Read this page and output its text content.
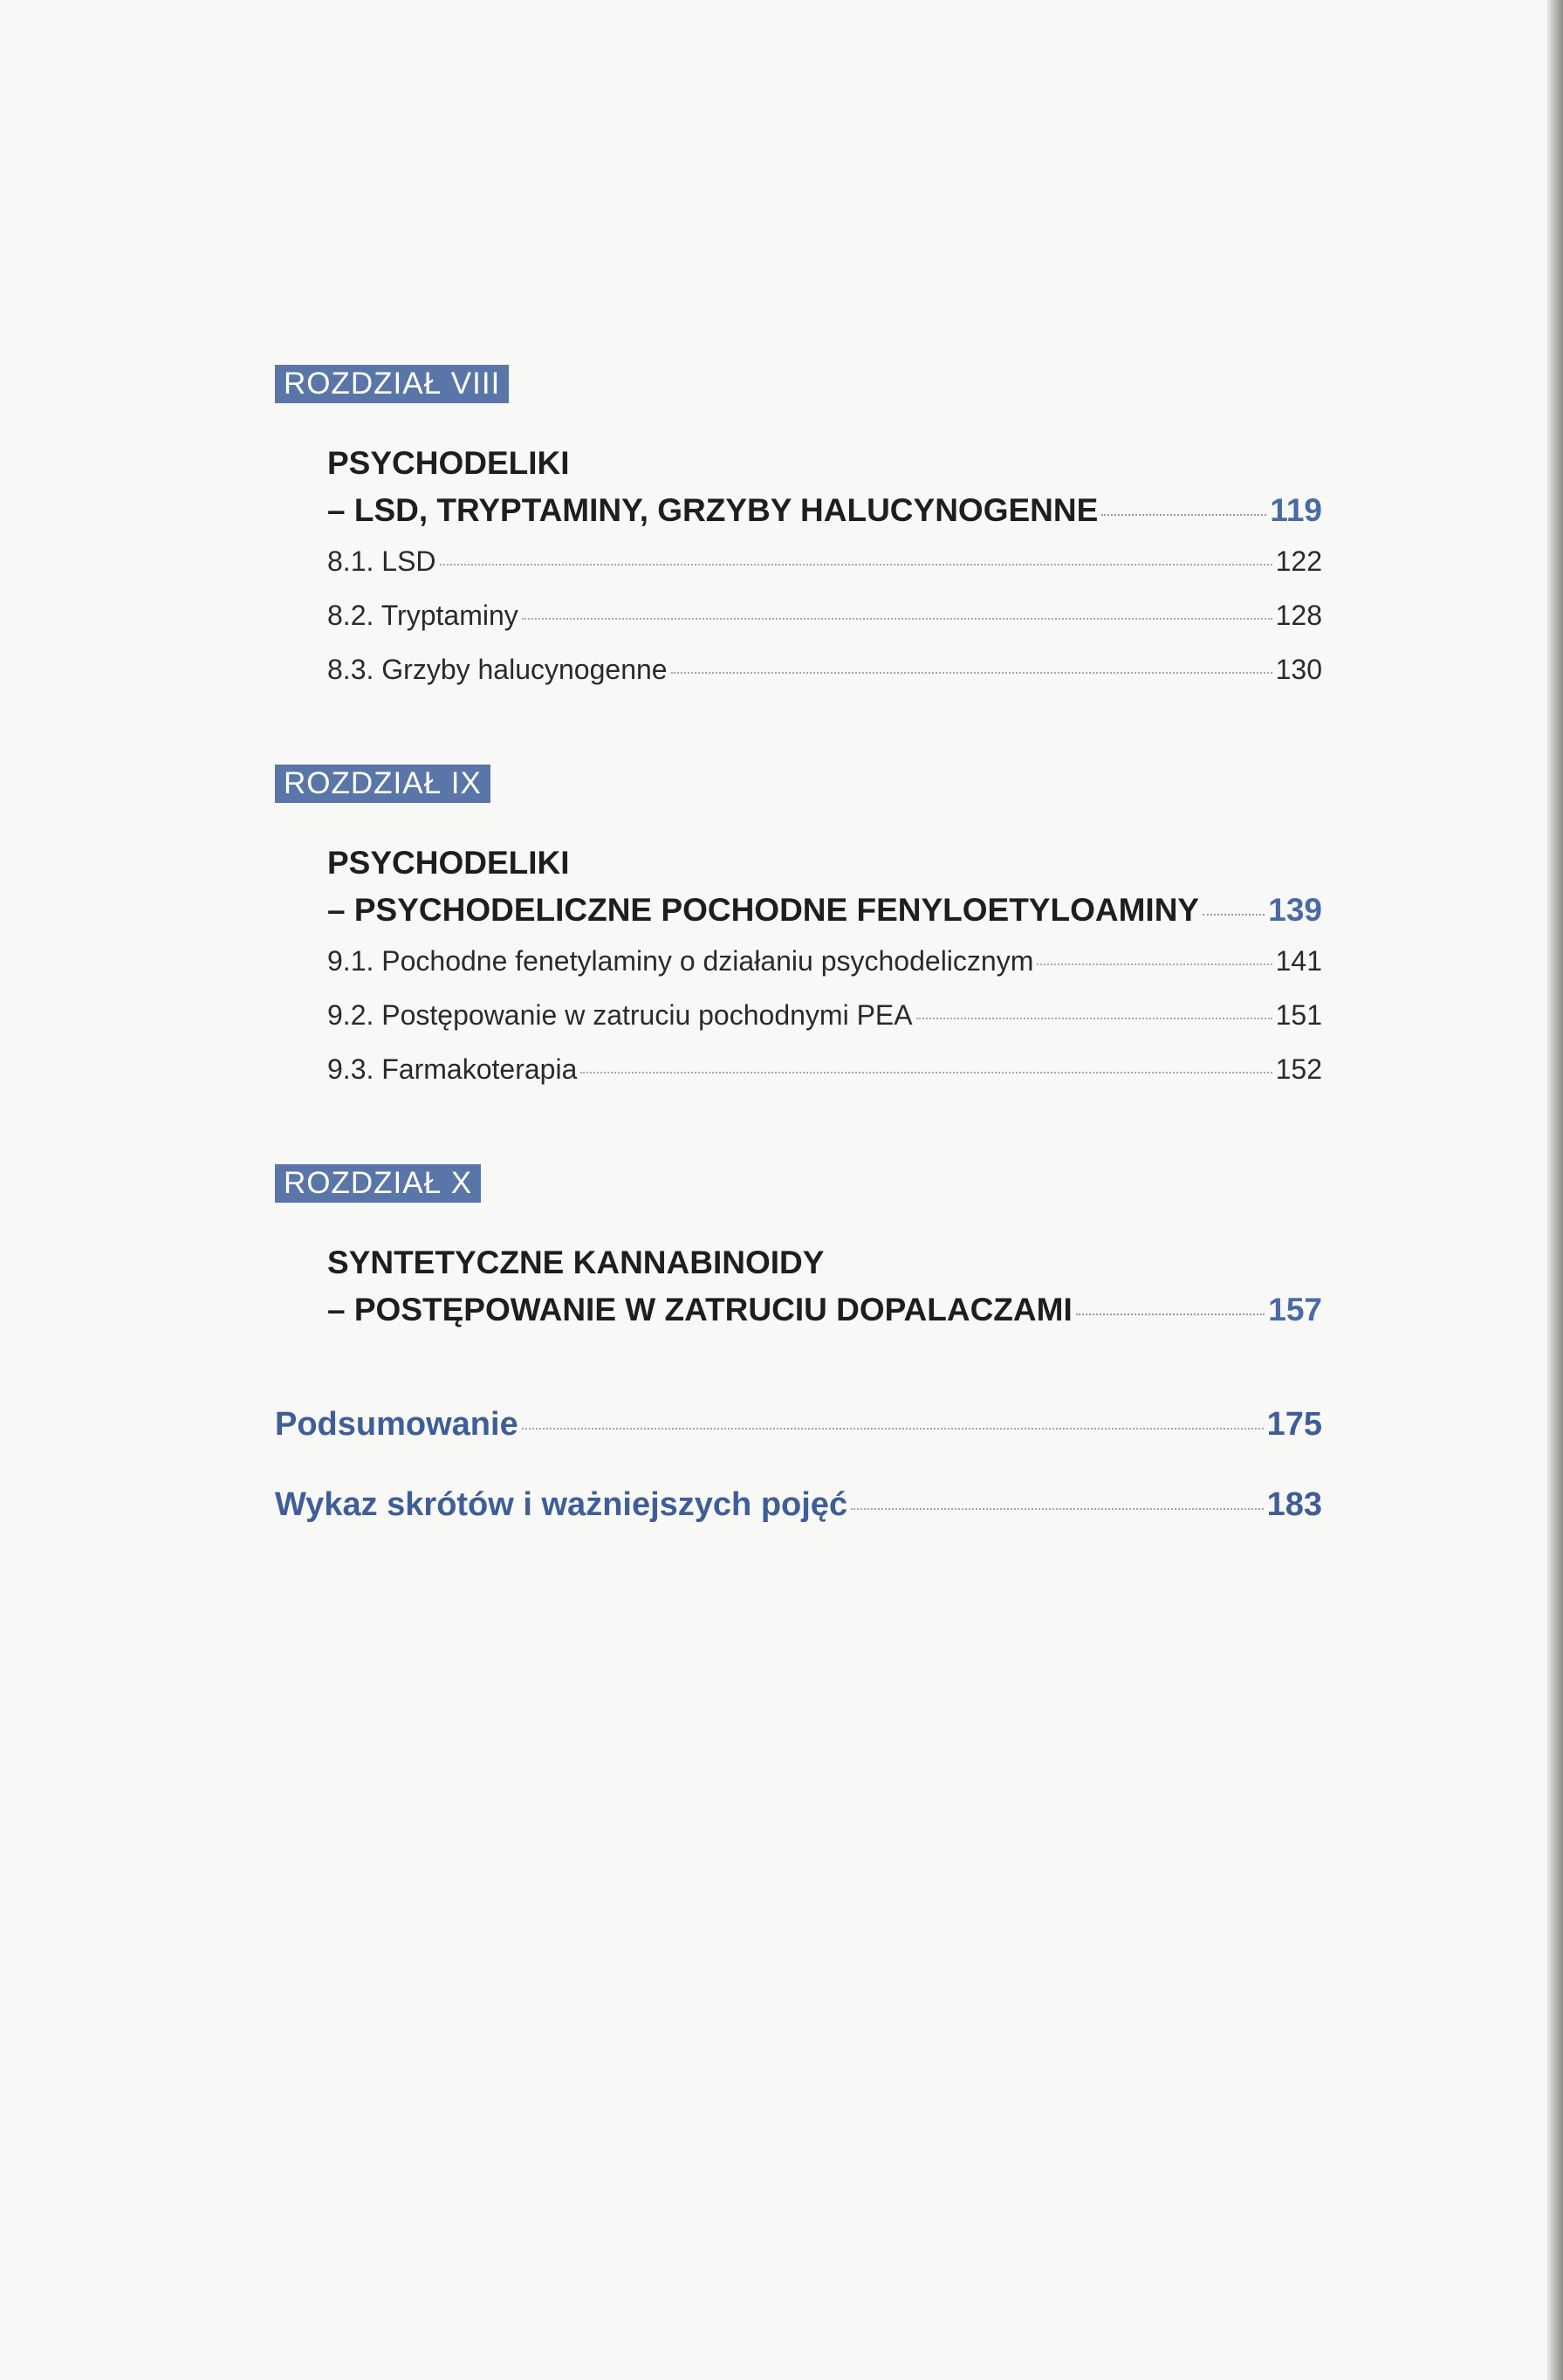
ROZDZIAŁ VIII
PSYCHODELIKI
– LSD, TRYPTAMINY, GRZYBY HALUCYNOGENNE	119
8.1. LSD	122
8.2. Tryptaminy	128
8.3. Grzyby halucynogenne	130
ROZDZIAŁ IX
PSYCHODELIKI
– PSYCHODELICZNE POCHODNE FENYLOETYLOAMINY 139
9.1. Pochodne fenetylaminy o działaniu psychodelicznym	141
9.2. Postępowanie w zatruciu pochodnymi PEA	151
9.3. Farmakoterapia	152
ROZDZIAŁ X
SYNTETYCZNE KANNABINOIDY
– POSTĘPOWANIE W ZATRUCIU DOPALACZAMI	157
Podsumowanie	175
Wykaz skrótów i ważniejszych pojęć	183
